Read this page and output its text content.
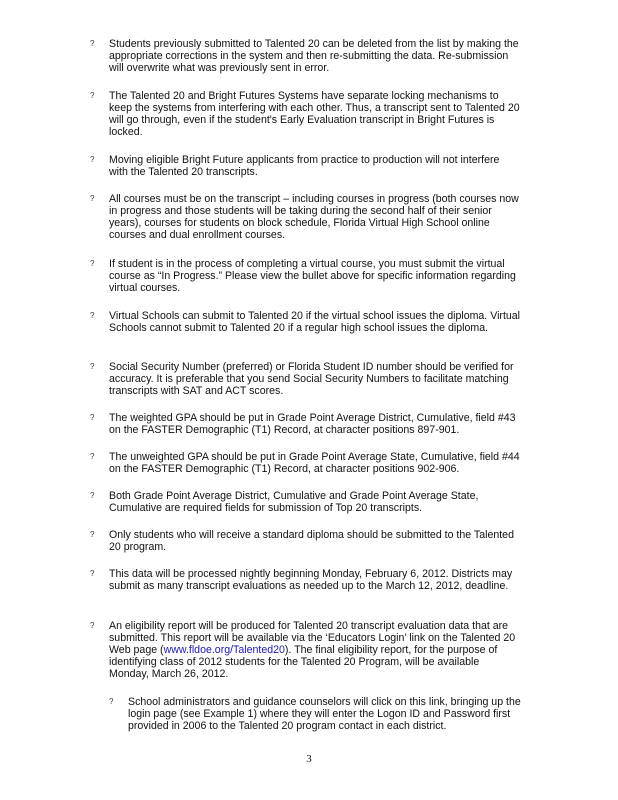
? Students previously submitted to Talented 20 can be deleted from the list by making the appropriate corrections in the system and then re-submitting the data. Re-submission will overwrite what was previously sent in error.
? The Talented 20 and Bright Futures Systems have separate locking mechanisms to keep the systems from interfering with each other. Thus, a transcript sent to Talented 20 will go through, even if the student's Early Evaluation transcript in Bright Futures is locked.
? Moving eligible Bright Future applicants from practice to production will not interfere with the Talented 20 transcripts.
? All courses must be on the transcript – including courses in progress (both courses now in progress and those students will be taking during the second half of their senior years), courses for students on block schedule, Florida Virtual High School online courses and dual enrollment courses.
? If student is in the process of completing a virtual course, you must submit the virtual course as “In Progress.” Please view the bullet above for specific information regarding virtual courses.
? Virtual Schools can submit to Talented 20 if the virtual school issues the diploma. Virtual Schools cannot submit to Talented 20 if a regular high school issues the diploma.
? Social Security Number (preferred) or Florida Student ID number should be verified for accuracy. It is preferable that you send Social Security Numbers to facilitate matching transcripts with SAT and ACT scores.
? The weighted GPA should be put in Grade Point Average District, Cumulative, field #43 on the FASTER Demographic (T1) Record, at character positions 897-901.
? The unweighted GPA should be put in Grade Point Average State, Cumulative, field #44 on the FASTER Demographic (T1) Record, at character positions 902-906.
? Both Grade Point Average District, Cumulative and Grade Point Average State, Cumulative are required fields for submission of Top 20 transcripts.
? Only students who will receive a standard diploma should be submitted to the Talented 20 program.
? This data will be processed nightly beginning Monday, February 6, 2012. Districts may submit as many transcript evaluations as needed up to the March 12, 2012, deadline.
? An eligibility report will be produced for Talented 20 transcript evaluation data that are submitted. This report will be available via the ‘Educators Login’ link on the Talented 20 Web page (www.fldoe.org/Talented20). The final eligibility report, for the purpose of identifying class of 2012 students for the Talented 20 Program, will be available Monday, March 26, 2012.
? School administrators and guidance counselors will click on this link, bringing up the login page (see Example 1) where they will enter the Logon ID and Password first provided in 2006 to the Talented 20 program contact in each district.
3
